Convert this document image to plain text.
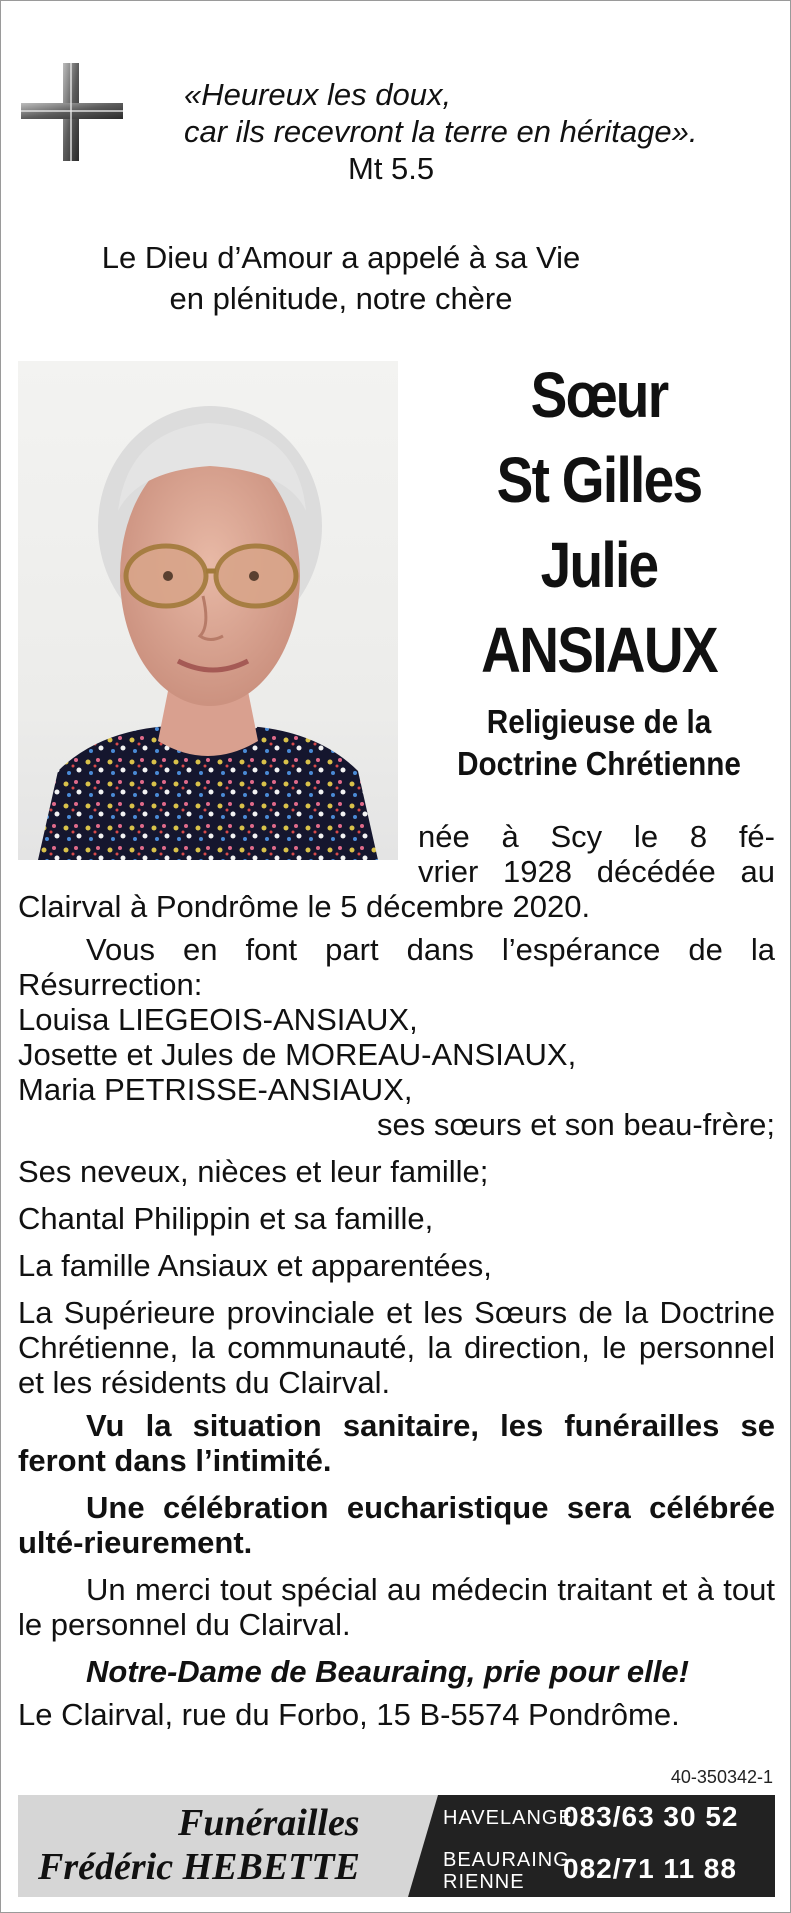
«Heureux les doux,
car ils recevront la terre en héritage».
Mt 5.5
Le Dieu d’Amour a appelé à sa Vie
en plénitude, notre chère
Sœur
St Gilles
Julie
ANSIAUX
Religieuse de la
Doctrine Chrétienne

née à Scy le 8 fé-

vrier 1928 décédée au

Clairval à Pondrôme le 5 décembre 2020.

Vous en font part dans l’espérance de la Résurrection:

Louisa LIEGEOIS-ANSIAUX,

Josette et Jules de MOREAU-ANSIAUX,

Maria PETRISSE-ANSIAUX,

ses sœurs et son beau-frère;

Ses neveux, nièces et leur famille;

Chantal Philippin et sa famille,

La famille Ansiaux et apparentées,

La Supérieure provinciale et les Sœurs de la Doctrine Chrétienne, la communauté, la direction, le personnel et les résidents du Clairval.

Vu la situation sanitaire, les funérailles se feront dans l’intimité.

Une célébration eucharistique sera célébrée ulté-rieurement.

Un merci tout spécial au médecin traitant et à tout le personnel du Clairval.

Notre-Dame de Beauraing, prie pour elle!

Le Clairval, rue du Forbo, 15 B-5574 Pondrôme.

40-350342-1
Funérailles
Frédéric HEBETTE
HAVELANGE
083/63 30 52
BEAURAING
RIENNE 082/71 11 88
